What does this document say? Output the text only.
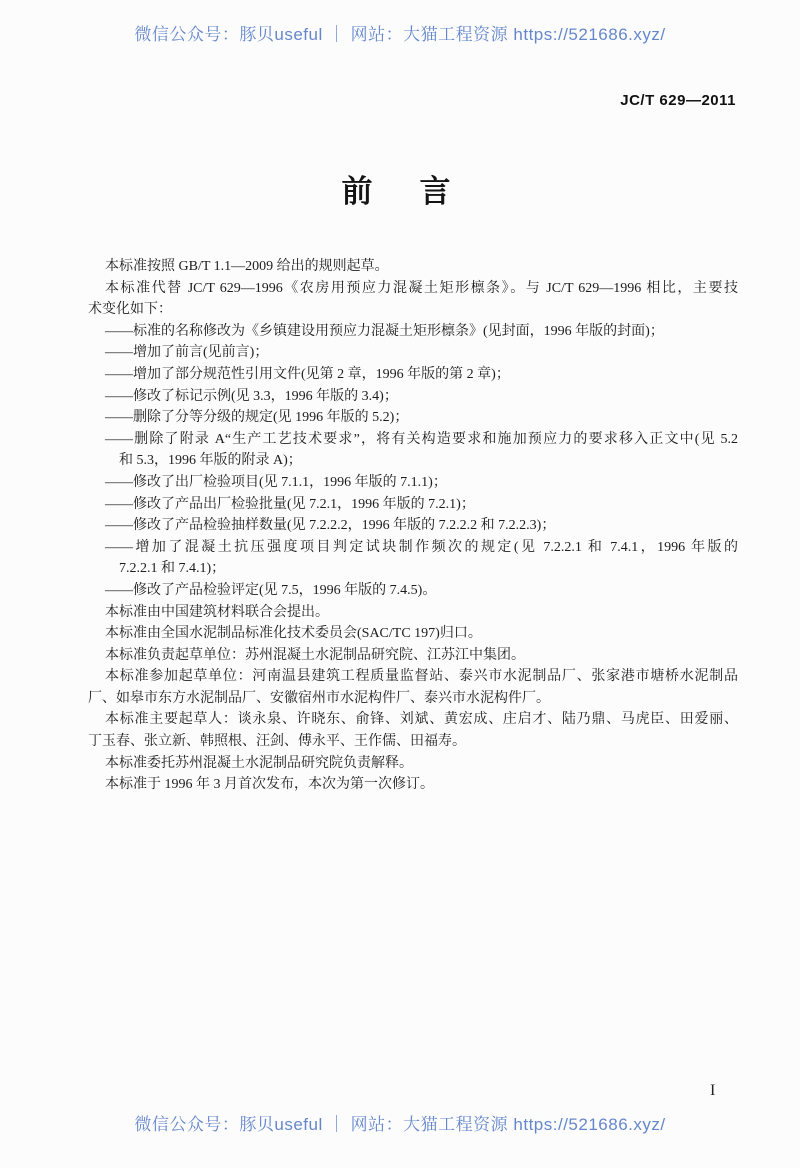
微信公众号：豚贝useful ｜ 网站：大猫工程资源 https://521686.xyz/
JC/T 629—2011
前　言
本标准按照 GB/T 1.1—2009 给出的规则起草。
本标准代替 JC/T 629—1996《农房用预应力混凝土矩形檩条》。与 JC/T 629—1996 相比，主要技
术变化如下：
——标准的名称修改为《乡镇建设用预应力混凝土矩形檩条》(见封面，1996 年版的封面)；
——增加了前言(见前言)；
——增加了部分规范性引用文件(见第 2 章，1996 年版的第 2 章)；
——修改了标记示例(见 3.3，1996 年版的 3.4)；
——删除了分等分级的规定(见 1996 年版的 5.2)；
——删除了附录 A“生产工艺技术要求”，将有关构造要求和施加预应力的要求移入正文中(见 5.2
和 5.3，1996 年版的附录 A)；
——修改了出厂检验项目(见 7.1.1，1996 年版的 7.1.1)；
——修改了产品出厂检验批量(见 7.2.1，1996 年版的 7.2.1)；
——修改了产品检验抽样数量(见 7.2.2.2，1996 年版的 7.2.2.2 和 7.2.2.3)；
——增加了混凝土抗压强度项目判定试块制作频次的规定(见 7.2.2.1 和 7.4.1，1996 年版的
7.2.2.1 和 7.4.1)；
——修改了产品检验评定(见 7.5，1996 年版的 7.4.5)。
本标准由中国建筑材料联合会提出。
本标准由全国水泥制品标准化技术委员会(SAC/TC 197)归口。
本标准负责起草单位：苏州混凝土水泥制品研究院、江苏江中集团。
本标准参加起草单位：河南温县建筑工程质量监督站、泰兴市水泥制品厂、张家港市塘桥水泥制品
厂、如皋市东方水泥制品厂、安徽宿州市水泥构件厂、泰兴市水泥构件厂。
本标准主要起草人：谈永泉、许晓东、俞锋、刘斌、黄宏成、庄启才、陆乃鼎、马虎臣、田爱丽、
丁玉春、张立新、韩照根、汪剑、傅永平、王作儒、田福寿。
本标准委托苏州混凝土水泥制品研究院负责解释。
本标准于 1996 年 3 月首次发布，本次为第一次修订。
I
微信公众号：豚贝useful ｜ 网站：大猫工程资源 https://521686.xyz/
